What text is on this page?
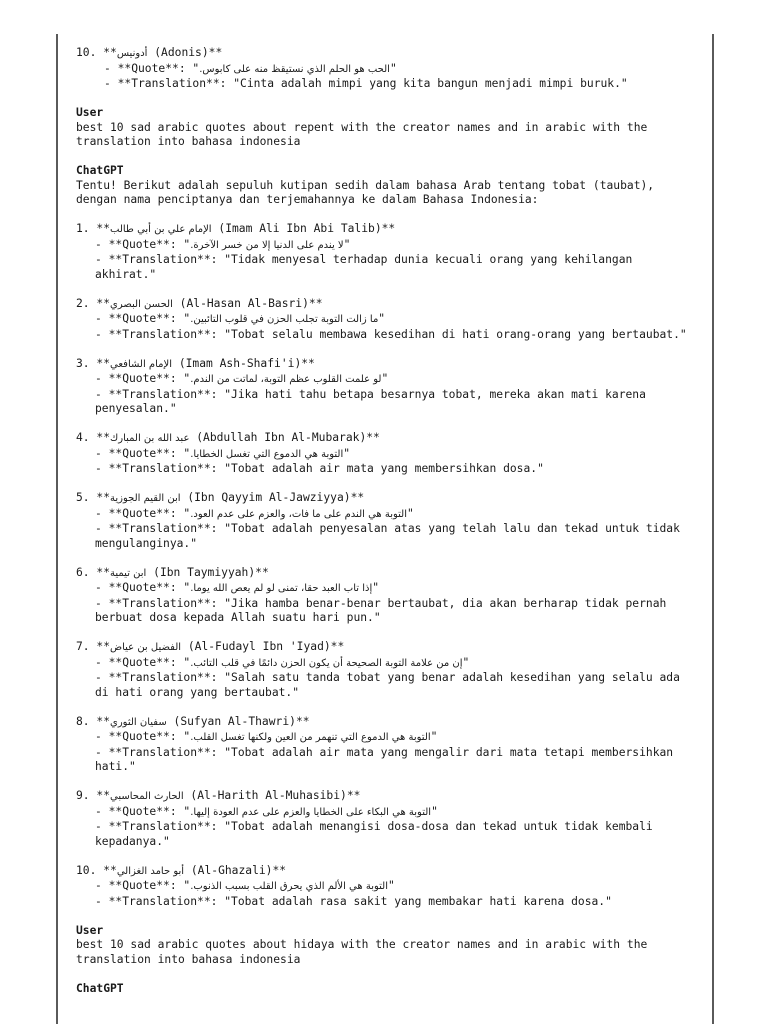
10. **أدونيس (Adonis)**
- **Quote**: "الحب هو الحلم الذي نستيقظ منه على كابوس."
- **Translation**: "Cinta adalah mimpi yang kita bangun menjadi mimpi buruk."
User
best 10 sad arabic quotes about repent with the creator names and in arabic with the translation into bahasa indonesia
ChatGPT
Tentu! Berikut adalah sepuluh kutipan sedih dalam bahasa Arab tentang tobat (taubat), dengan nama penciptanya dan terjemahannya ke dalam Bahasa Indonesia:
1. **الإمام علي بن أبي طالب (Imam Ali Ibn Abi Talib)**
- **Quote**: "لا يندم على الدنيا إلا من خسر الآخرة."
- **Translation**: "Tidak menyesal terhadap dunia kecuali orang yang kehilangan akhirat."
2. **الحسن البصري (Al-Hasan Al-Basri)**
- **Quote**: "ما زالت التوبة تجلب الحزن في قلوب التائبين."
- **Translation**: "Tobat selalu membawa kesedihan di hati orang-orang yang bertaubat."
3. **الإمام الشافعي (Imam Ash-Shafi'i)**
- **Quote**: "لو علمت القلوب عظم التوبة، لماتت من الندم."
- **Translation**: "Jika hati tahu betapa besarnya tobat, mereka akan mati karena penyesalan."
4. **عبد الله بن المبارك (Abdullah Ibn Al-Mubarak)**
- **Quote**: "التوبة هي الدموع التي تغسل الخطايا."
- **Translation**: "Tobat adalah air mata yang membersihkan dosa."
5. **ابن القيم الجوزية (Ibn Qayyim Al-Jawziyya)**
- **Quote**: "التوبة هي الندم على ما فات، والعزم على عدم العود."
- **Translation**: "Tobat adalah penyesalan atas yang telah lalu dan tekad untuk tidak mengulanginya."
6. **ابن تيمية (Ibn Taymiyyah)**
- **Quote**: "إذا تاب العبد حقا، تمنى لو لم يعص الله يوما."
- **Translation**: "Jika hamba benar-benar bertaubat, dia akan berharap tidak pernah berbuat dosa kepada Allah suatu hari pun."
7. **الفضيل بن عياض (Al-Fudayl Ibn 'Iyad)**
- **Quote**: "إن من علامة التوبة الصحيحة أن يكون الحزن دائمًا في قلب التائب."
- **Translation**: "Salah satu tanda tobat yang benar adalah kesedihan yang selalu ada di hati orang yang bertaubat."
8. **سفيان الثوري (Sufyan Al-Thawri)**
- **Quote**: "التوبة هي الدموع التي تنهمر من العين ولكنها تغسل القلب."
- **Translation**: "Tobat adalah air mata yang mengalir dari mata tetapi membersihkan hati."
9. **الحارث المحاسبي (Al-Harith Al-Muhasibi)**
- **Quote**: "التوبة هي البكاء على الخطايا والعزم على عدم العودة إليها."
- **Translation**: "Tobat adalah menangisi dosa-dosa dan tekad untuk tidak kembali kepadanya."
10. **أبو حامد الغزالي (Al-Ghazali)**
- **Quote**: "التوبة هي الألم الذي يحرق القلب بسبب الذنوب."
- **Translation**: "Tobat adalah rasa sakit yang membakar hati karena dosa."
User
best 10 sad arabic quotes about hidaya with the creator names and in arabic with the translation into bahasa indonesia
ChatGPT
